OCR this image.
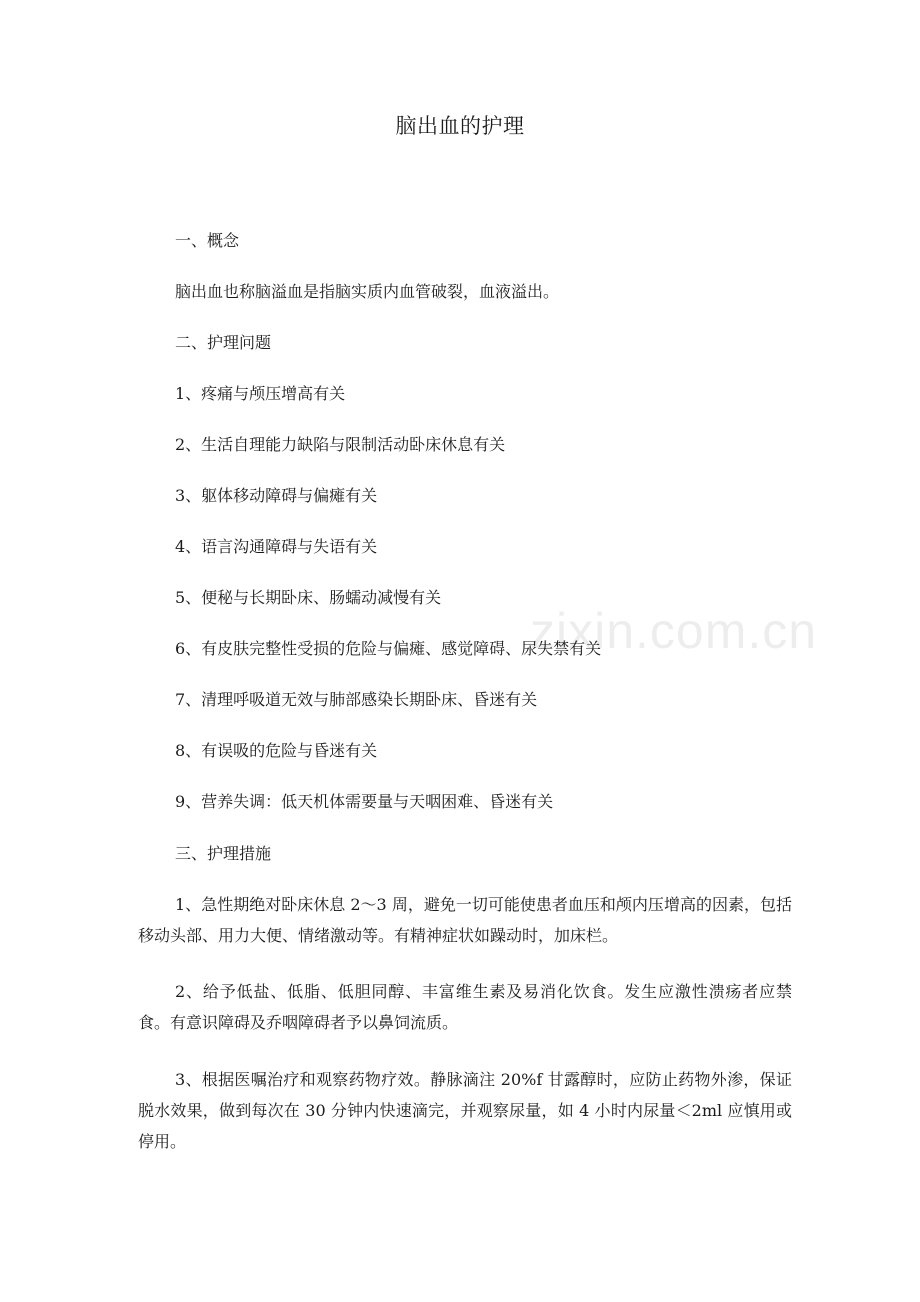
脑出血的护理
一、概念
脑出血也称脑溢血是指脑实质内血管破裂，血液溢出。
二、护理问题
1、疼痛与颅压增高有关
2、生活自理能力缺陷与限制活动卧床休息有关
3、躯体移动障碍与偏瘫有关
4、语言沟通障碍与失语有关
5、便秘与长期卧床、肠蠕动减慢有关
6、有皮肤完整性受损的危险与偏瘫、感觉障碍、尿失禁有关
7、清理呼吸道无效与肺部感染长期卧床、昏迷有关
8、有误吸的危险与昏迷有关
9、营养失调：低天机体需要量与天咽困难、昏迷有关
三、护理措施
1、急性期绝对卧床休息 2～3 周，避免一切可能使患者血压和颅内压增高的因素，包括移动头部、用力大便、情绪激动等。有精神症状如躁动时，加床栏。
2、给予低盐、低脂、低胆同醇、丰富维生素及易消化饮食。发生应激性溃疡者应禁食。有意识障碍及乔咽障碍者予以鼻饲流质。
3、根据医嘱治疗和观察药物疗效。静脉滴注 20%f 甘露醇时，应防止药物外渗，保证脱水效果，做到每次在 30 分钟内快速滴完，并观察尿量，如 4 小时内尿量＜2ml 应慎用或停用。
zixin.com.cn
